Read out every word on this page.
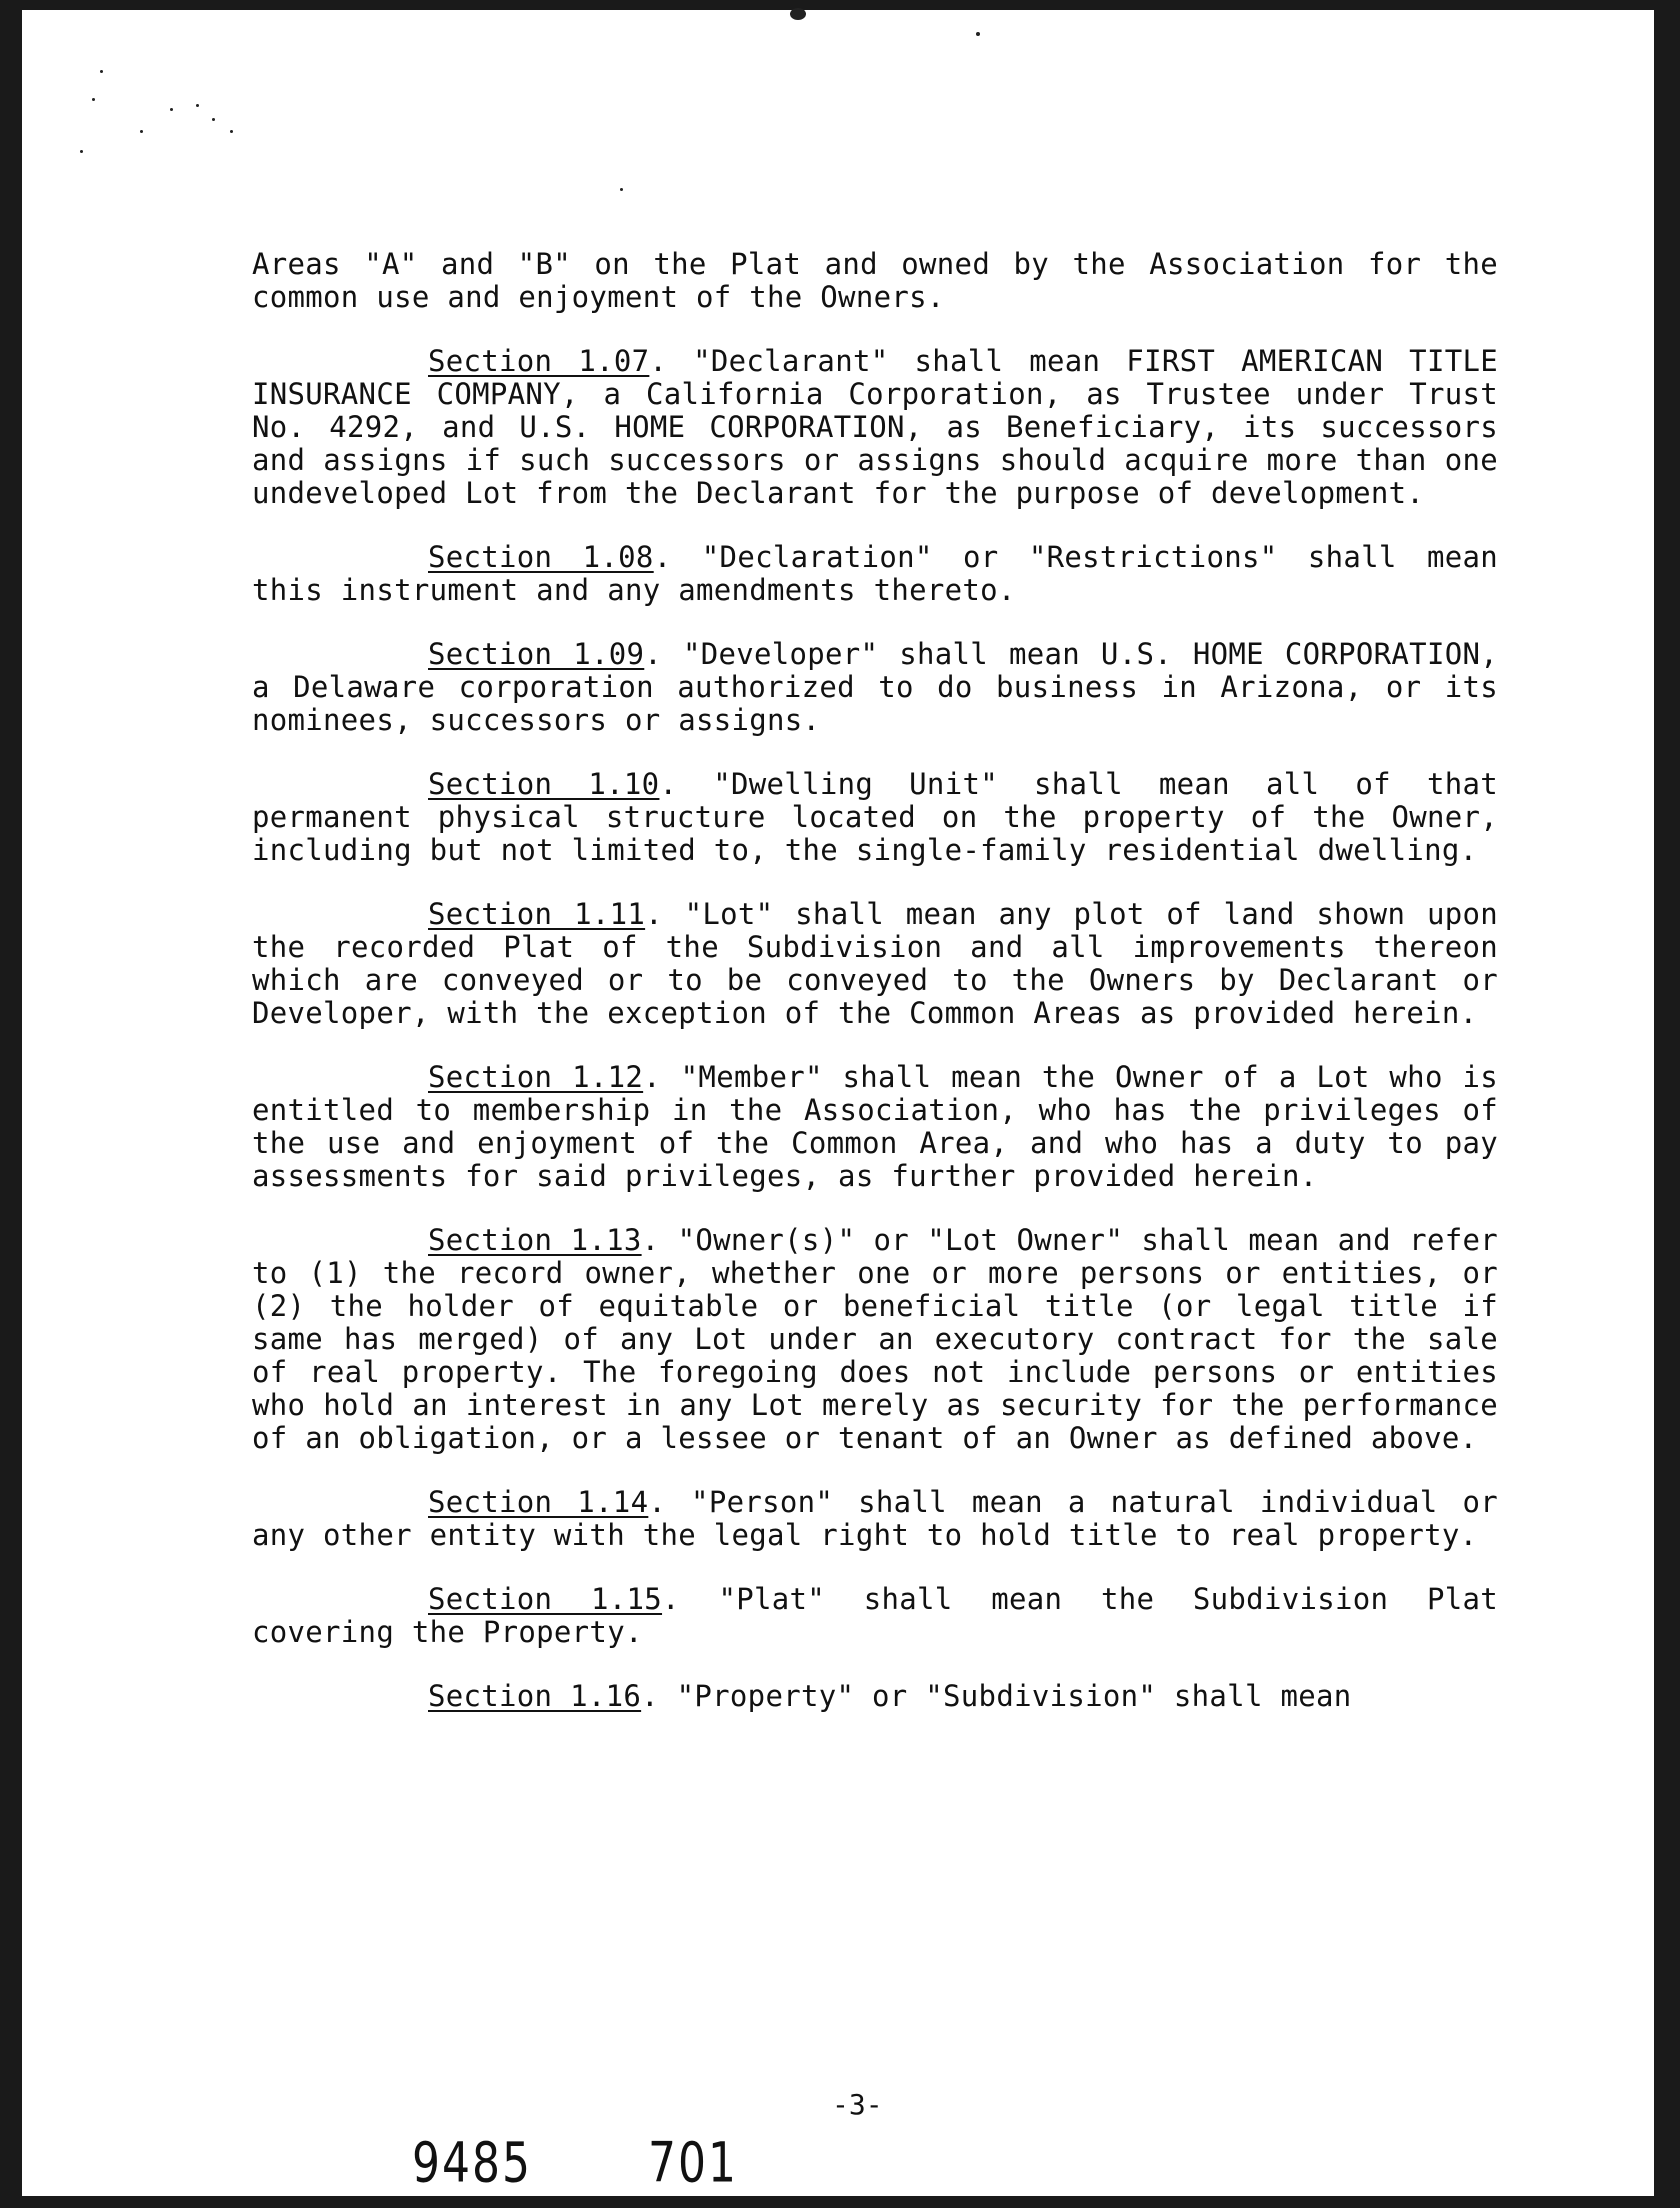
Areas "A" and "B" on the Plat and owned by the Association for the common use and enjoyment of the Owners.

Section 1.07. "Declarant" shall mean FIRST AMERICAN TITLE INSURANCE COMPANY, a California Corporation, as Trustee under Trust No. 4292, and U.S. HOME CORPORATION, as Beneficiary, its successors and assigns if such successors or assigns should acquire more than one undeveloped Lot from the Declarant for the purpose of development.

Section 1.08. "Declaration" or "Restrictions" shall mean this instrument and any amendments thereto.

Section 1.09. "Developer" shall mean U.S. HOME CORPORATION, a Delaware corporation authorized to do business in Arizona, or its nominees, successors or assigns.

Section 1.10. "Dwelling Unit" shall mean all of that permanent physical structure located on the property of the Owner, including but not limited to, the single-family residential dwelling.

Section 1.11. "Lot" shall mean any plot of land shown upon the recorded Plat of the Subdivision and all improvements thereon which are conveyed or to be conveyed to the Owners by Declarant or Developer, with the exception of the Common Areas as provided herein.

Section 1.12. "Member" shall mean the Owner of a Lot who is entitled to membership in the Association, who has the privileges of the use and enjoyment of the Common Area, and who has a duty to pay assessments for said privileges, as further provided herein.

Section 1.13. "Owner(s)" or "Lot Owner" shall mean and refer to (1) the record owner, whether one or more persons or entities, or (2) the holder of equitable or beneficial title (or legal title if same has merged) of any Lot under an executory contract for the sale of real property. The foregoing does not include persons or entities who hold an interest in any Lot merely as security for the performance of an obligation, or a lessee or tenant of an Owner as defined above.

Section 1.14. "Person" shall mean a natural individual or any other entity with the legal right to hold title to real property.

Section 1.15. "Plat" shall mean the Subdivision Plat covering the Property.

Section 1.16. "Property" or "Subdivision" shall mean

-3-
9485	701
